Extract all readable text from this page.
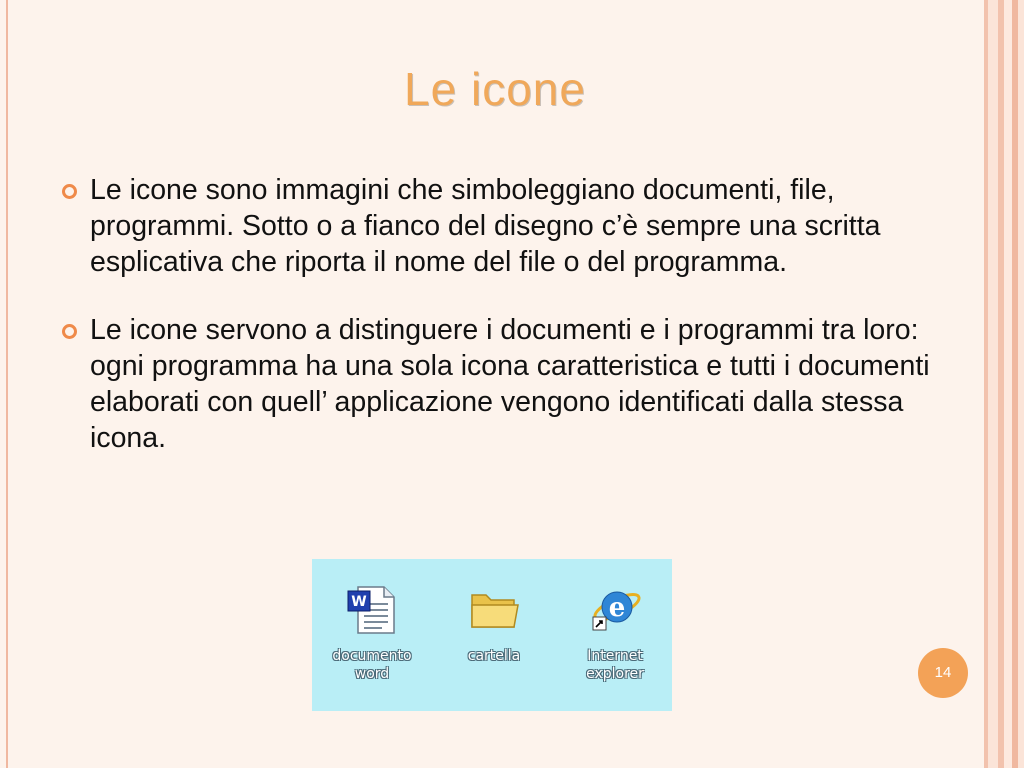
Le icone
Le icone sono immagini che simboleggiano documenti, file, programmi. Sotto o a fianco del disegno c’è sempre una scritta esplicativa che riporta il nome del file o del programma.
Le icone servono a distinguere i documenti e i programmi tra loro: ogni programma ha una sola icona caratteristica e tutti i documenti elaborati con quell’ applicazione vengono identificati dalla stessa icona.
W
documento word
cartella
e
Internet explorer	14
